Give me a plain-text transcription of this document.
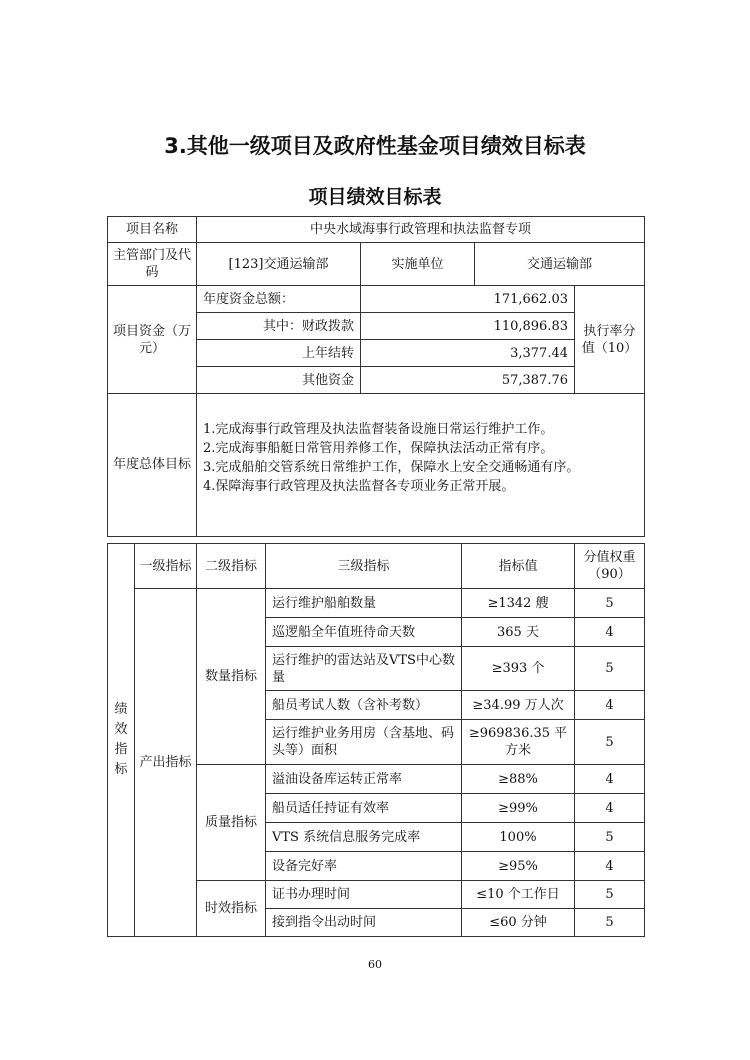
3.其他一级项目及政府性基金项目绩效目标表
项目绩效目标表
项目名称	中央水域海事行政管理和执法监督专项			
主管部门及代码	[123]交通运输部	实施单位	交通运输部	
项目资金（万元）	年度资金总额：	171,662.03		执行率分值（10）
	其中：财政拨款	110,896.83		
	上年结转	3,377.44		
	其他资金	57,387.76		
年度总体目标	1.完成海事行政管理及执法监督装备设施日常运行维护工作。
2.完成海事船艇日常管用养修工作，保障执法活动正常有序。
3.完成船舶交管系统日常维护工作，保障水上安全交通畅通有序。
4.保障海事行政管理及执法监督各专项业务正常开展。			
绩效指标	一级指标	二级指标	三级指标	指标值	分值权重（90）
	产出指标	数量指标	运行维护船舶数量	≥1342 艘	5
			巡逻船全年值班待命天数	365 天	4
			运行维护的雷达站及VTS中心数量	≥393 个	5
			船员考试人数（含补考数）	≥34.99 万人次	4
			运行维护业务用房（含基地、码头等）面积	≥969836.35 平方米	5
		质量指标	溢油设备库运转正常率	≥88%	4
			船员适任持证有效率	≥99%	4
			VTS 系统信息服务完成率	100%	5
			设备完好率	≥95%	4
		时效指标	证书办理时间	≤10 个工作日	5
			接到指令出动时间	≤60 分钟	5
60
